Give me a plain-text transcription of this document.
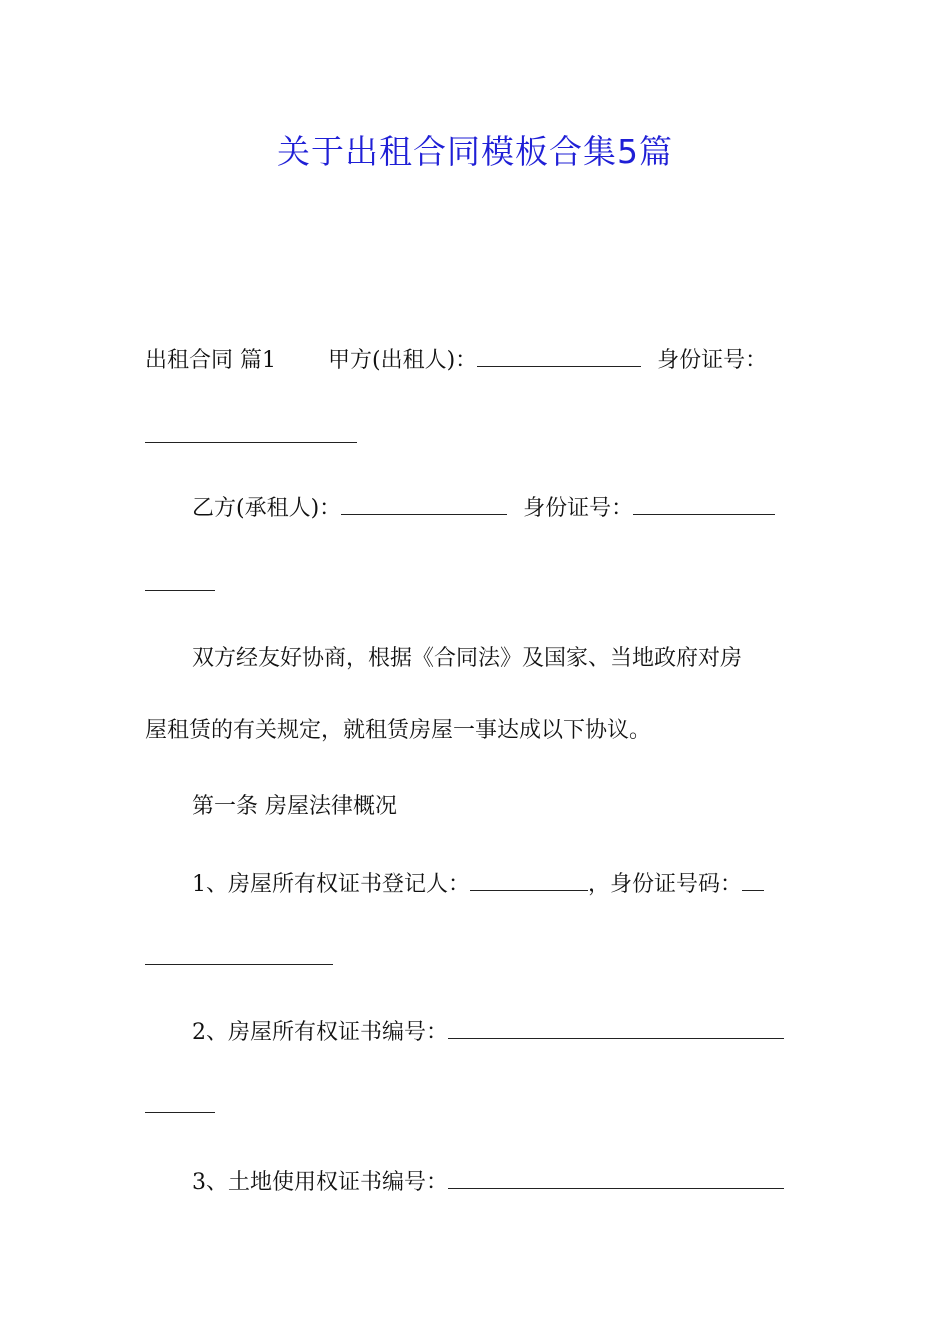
关于出租合同模板合集5篇
出租合同 篇1 甲方(出租人)：	身份证号：
乙方(承租人)：	身份证号：
双方经友好协商，根据《合同法》及国家、当地政府对房
屋租赁的有关规定，就租赁房屋一事达成以下协议。
第一条 房屋法律概况
1、房屋所有权证书登记人：	，身份证号码：
2、房屋所有权证书编号：
3、土地使用权证书编号：
